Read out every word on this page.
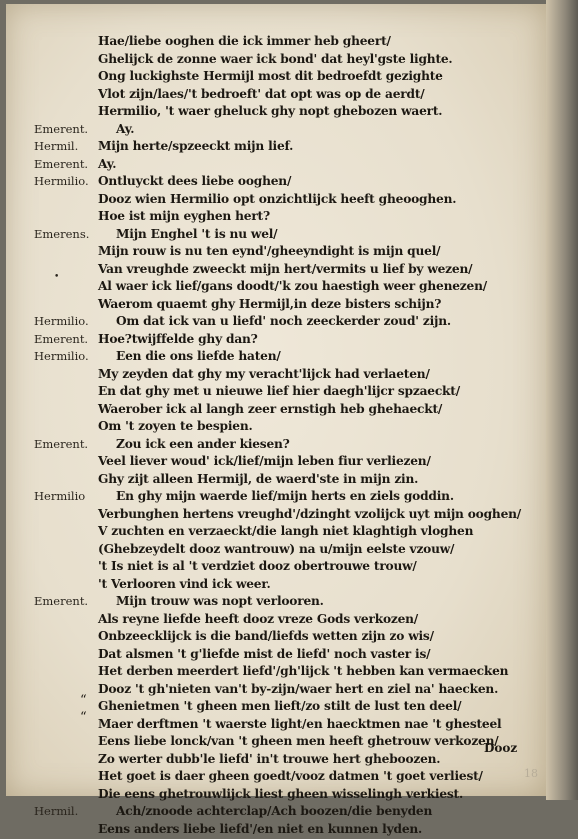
Hae/liebe ooghen die ick immer heb gheert/
Ghelijck de zonne waer ick bond' dat heyl'gste lighte.
Ong luckighste Hermijl most dit bedroefdt gezighte
Vlot zijn/laes/'t bedroeft' dat opt was op de aerdt/
Hermilio, 't waer gheluck ghy nopt ghebozen waert.
Emerent.	Ay.
Hermil.	Mijn herte/spzeeckt mijn lief.
Emerent. Ay.
Hermilio. Ontluyckt dees liebe ooghen/
Dooz wien Hermilio opt onzichtlijck heeft gheooghen.
Hoe ist mijn eyghen hert?
Emerens.	Mijn Enghel 't is nu wel/
Mijn rouw is nu ten eynd'/gheeyndight is mijn quel/
Van vreughde zweeckt mijn hert/vermits u lief by wezen/
Al waer ick lief/gans doodt/'k zou haestigh weer ghenezen/
Waerom quaemt ghy Hermijl,in deze bisters schijn?
Hermilio.	Om dat ick van u liefd' noch zeeckerder zoud' zijn.
Emerent. Hoe?twijffelde ghy dan?
Hermilio.	Een die ons liefde haten/
My zeyden dat ghy my veracht'lijck had verlaeten/
En dat ghy met u nieuwe lief hier daegh'lijcr spzaeckt/
Waerober ick al langh zeer ernstigh heb ghehaeckt/
Om 't zoyen te bespien.
Emerent.	Zou ick een ander kiesen?
Veel liever woud' ick/lief/mijn leben fiur verliezen/
Ghy zijt alleen Hermijl, de waerd'ste in mijn zin.
Hermilio	En ghy mijn waerde lief/mijn herts en ziels goddin.
Verbunghen hertens vreughd'/dzinght vzolijck uyt mijn ooghen/
V zuchten en verzaeckt/die langh niet klaghtigh vloghen
(Ghebzeydelt dooz wantrouw) na u/mijn eelste vzouw/
't Is niet is al 't verdziet dooz obertrouwe trouw/
't Verlooren vind ick weer.
Emerent.	Mijn trouw was nopt verlooren.
Als reyne liefde heeft dooz vreze Gods verkozen/
Onbzeecklijck is die band/liefds wetten zijn zo wis/
Dat alsmen 't g'liefde mist de liefd' noch vaster is/
Het derben meerdert liefd'/gh'lijck 't hebben kan vermaecken
Dooz 't gh'nieten van't by-zijn/waer hert en ziel na' haecken.
Ghenietmen 't gheen men lieft/zo stilt de lust ten deel/
Maer derftmen 't waerste light/en haecktmen nae 't ghesteel
Eens liebe lonck/van 't gheen men heeft ghetrouw verkozen/
Zo werter dubb'le liefd' in't trouwe hert gheboozen.
Het goet is daer gheen goedt/vooz datmen 't goet verliest/
Die eens ghetrouwlijck liest gheen wisselingh verkiest.
Hermil.	Ach/znoode achterclap/Ach boozen/die benyden
Eens anders liebe liefd'/en niet en kunnen lyden.
“
“
•
Dooz
18
